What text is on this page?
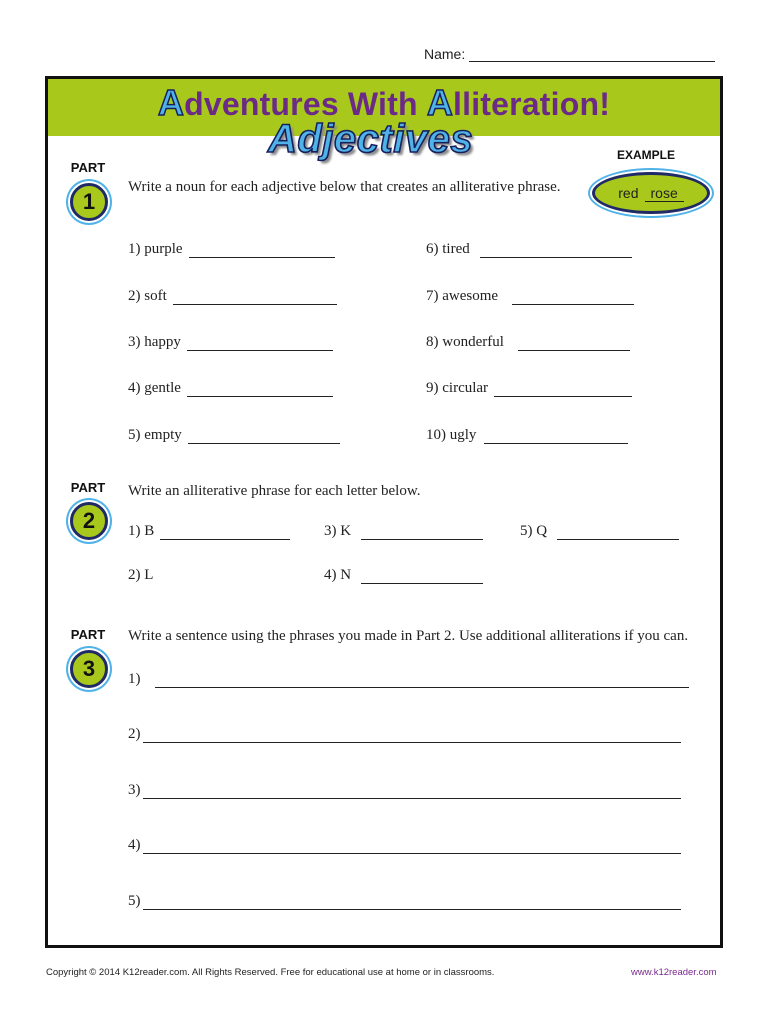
Name:
Adventures With Alliteration!
Adjectives	EXAMPLE
red rose
PART
1
Write a noun for each adjective below that creates an alliterative phrase.
1) purple
2) soft
3) happy
4) gentle
5) empty
6) tired
7) awesome
8) wonderful
9) circular
10) ugly
PART
2
Write an alliterative phrase for each letter below.
1) B	3) K	5) Q
2) L	4) N
PART
3
Write a sentence using the phrases you made in Part 2. Use additional alliterations if you can.
1)
2)
3)
4)
5)
Copyright © 2014 K12reader.com. All Rights Reserved. Free for educational use at home or in classrooms.	www.k12reader.com
